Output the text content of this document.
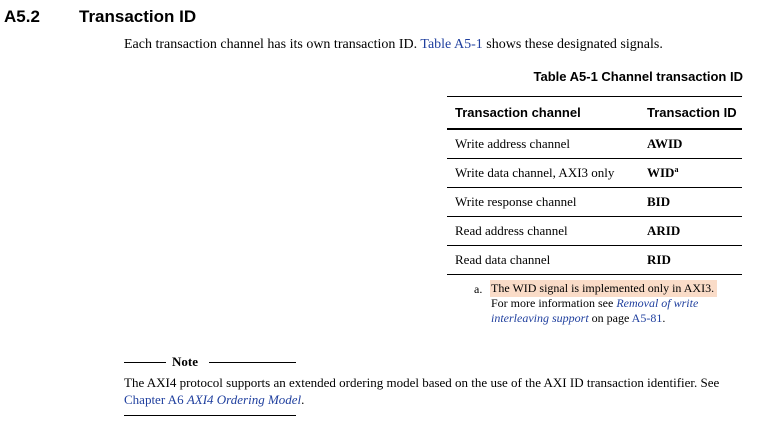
A5.2 Transaction ID
Each transaction channel has its own transaction ID. Table A5-1 shows these designated signals.
Table A5-1 Channel transaction ID
Transaction channel	Transaction ID
Write address channel	AWID
Write data channel, AXI3 only	WID$^a$
Write response channel	BID
Read address channel	ARID
Read data channel	RID
a. The WID signal is implemented only in AXI3.
For more information see Removal of write interleaving support on page A5-81.
Note
The AXI4 protocol supports an extended ordering model based on the use of the AXI ID transaction identifier. See Chapter A6 AXI4 Ordering Model.
